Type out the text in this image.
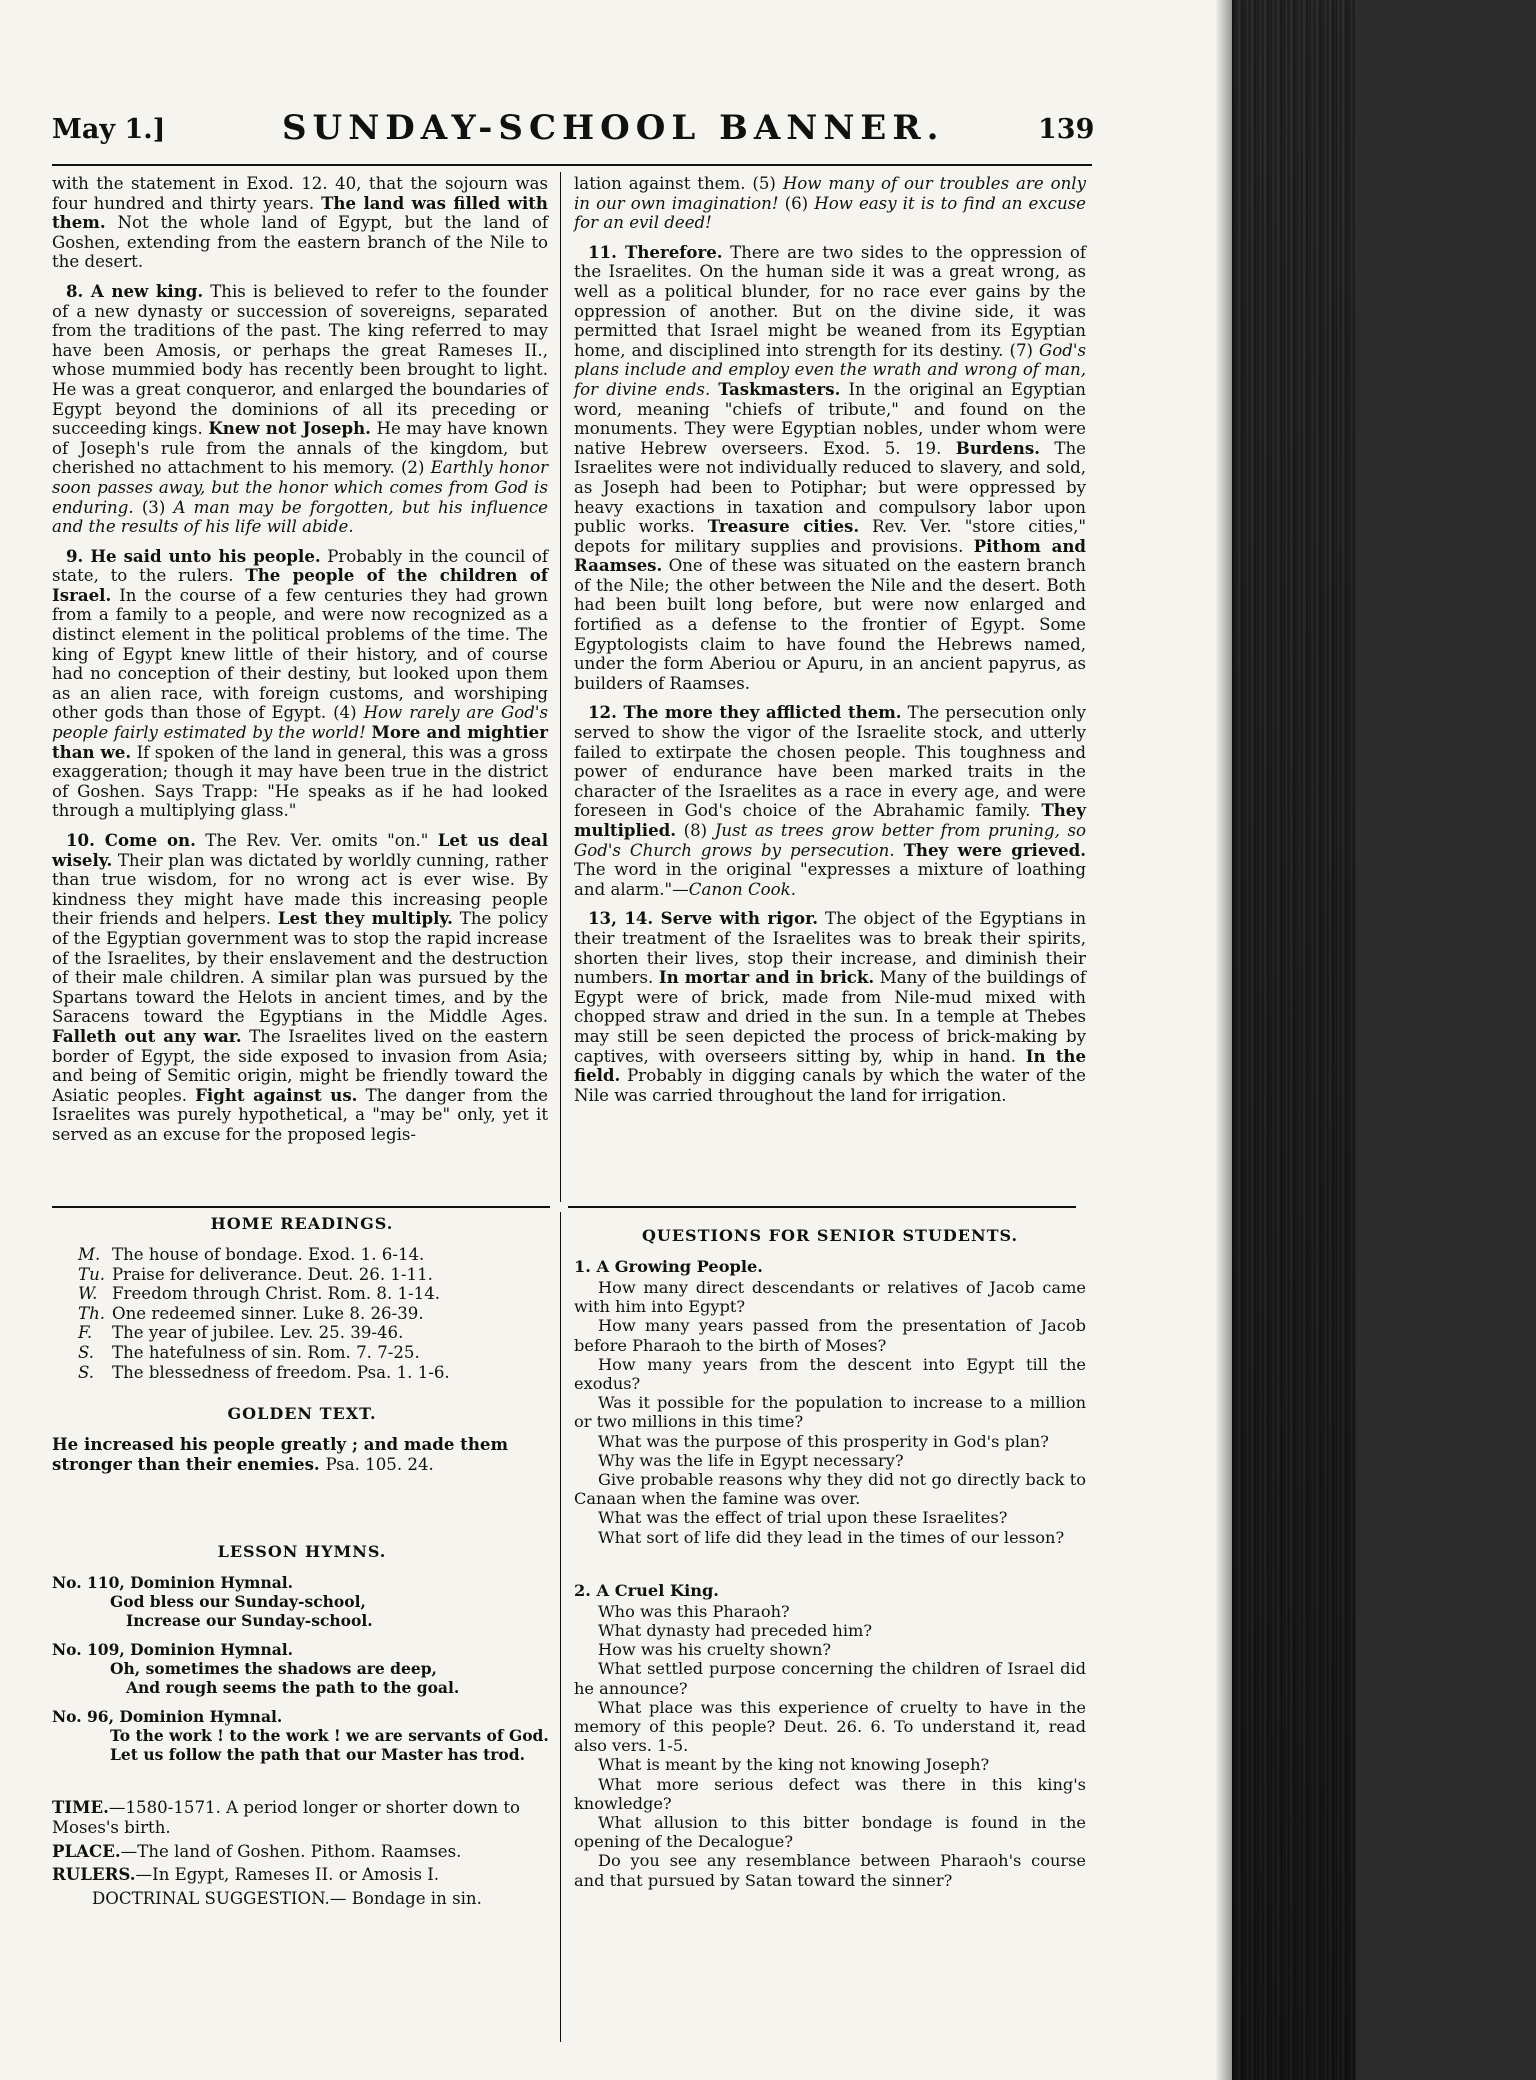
May 1.]	SUNDAY-SCHOOL BANNER.	139

with the statement in Exod. 12. 40, that the sojourn was four hundred and thirty years. The land was filled with them. Not the whole land of Egypt, but the land of Goshen, extending from the eastern branch of the Nile to the desert.

8. A new king. This is believed to refer to the founder of a new dynasty or succession of sovereigns, separated from the traditions of the past. The king referred to may have been Amosis, or perhaps the great Rameses II., whose mummied body has recently been brought to light. He was a great conqueror, and enlarged the boundaries of Egypt beyond the dominions of all its preceding or succeeding kings. Knew not Joseph. He may have known of Joseph's rule from the annals of the kingdom, but cherished no attachment to his memory. (2) Earthly honor soon passes away, but the honor which comes from God is enduring. (3) A man may be forgotten, but his influence and the results of his life will abide.

9. He said unto his people. Probably in the council of state, to the rulers. The people of the children of Israel. In the course of a few centuries they had grown from a family to a people, and were now recognized as a distinct element in the political problems of the time. The king of Egypt knew little of their history, and of course had no conception of their destiny, but looked upon them as an alien race, with foreign customs, and worshiping other gods than those of Egypt. (4) How rarely are God's people fairly estimated by the world! More and mightier than we. If spoken of the land in general, this was a gross exaggeration; though it may have been true in the district of Goshen. Says Trapp: "He speaks as if he had looked through a multiplying glass."

10. Come on. The Rev. Ver. omits "on." Let us deal wisely. Their plan was dictated by worldly cunning, rather than true wisdom, for no wrong act is ever wise. By kindness they might have made this increasing people their friends and helpers. Lest they multiply. The policy of the Egyptian government was to stop the rapid increase of the Israelites, by their enslavement and the destruction of their male children. A similar plan was pursued by the Spartans toward the Helots in ancient times, and by the Saracens toward the Egyptians in the Middle Ages. Falleth out any war. The Israelites lived on the eastern border of Egypt, the side exposed to invasion from Asia; and being of Semitic origin, might be friendly toward the Asiatic peoples. Fight against us. The danger from the Israelites was purely hypothetical, a "may be" only, yet it served as an excuse for the proposed legis-

lation against them. (5) How many of our troubles are only in our own imagination! (6) How easy it is to find an excuse for an evil deed!

11. Therefore. There are two sides to the oppression of the Israelites. On the human side it was a great wrong, as well as a political blunder, for no race ever gains by the oppression of another. But on the divine side, it was permitted that Israel might be weaned from its Egyptian home, and disciplined into strength for its destiny. (7) God's plans include and employ even the wrath and wrong of man, for divine ends. Taskmasters. In the original an Egyptian word, meaning "chiefs of tribute," and found on the monuments. They were Egyptian nobles, under whom were native Hebrew overseers. Exod. 5. 19. Burdens. The Israelites were not individually reduced to slavery, and sold, as Joseph had been to Potiphar; but were oppressed by heavy exactions in taxation and compulsory labor upon public works. Treasure cities. Rev. Ver. "store cities," depots for military supplies and provisions. Pithom and Raamses. One of these was situated on the eastern branch of the Nile; the other between the Nile and the desert. Both had been built long before, but were now enlarged and fortified as a defense to the frontier of Egypt. Some Egyptologists claim to have found the Hebrews named, under the form Aberiou or Apuru, in an ancient papyrus, as builders of Raamses.

12. The more they afflicted them. The persecution only served to show the vigor of the Israelite stock, and utterly failed to extirpate the chosen people. This toughness and power of endurance have been marked traits in the character of the Israelites as a race in every age, and were foreseen in God's choice of the Abrahamic family. They multiplied. (8) Just as trees grow better from pruning, so God's Church grows by persecution. They were grieved. The word in the original "expresses a mixture of loathing and alarm."—Canon Cook.

13, 14. Serve with rigor. The object of the Egyptians in their treatment of the Israelites was to break their spirits, shorten their lives, stop their increase, and diminish their numbers. In mortar and in brick. Many of the buildings of Egypt were of brick, made from Nile-mud mixed with chopped straw and dried in the sun. In a temple at Thebes may still be seen depicted the process of brick-making by captives, with overseers sitting by, whip in hand. In the field. Probably in digging canals by which the water of the Nile was carried throughout the land for irrigation.

HOME READINGS.
M. The house of bondage. Exod. 1. 6-14.
Tu. Praise for deliverance. Deut. 26. 1-11.
W. Freedom through Christ. Rom. 8. 1-14.
Th. One redeemed sinner. Luke 8. 26-39.
F.	The year of jubilee. Lev. 25. 39-46.
S.	The hatefulness of sin. Rom. 7. 7-25.
S.	The blessedness of freedom. Psa. 1. 1-6.
GOLDEN TEXT.
He increased his people greatly ; and made them stronger than their enemies. Psa. 105. 24.
LESSON HYMNS.
No. 110, Dominion Hymnal.
God bless our Sunday-school,
Increase our Sunday-school.
No. 109, Dominion Hymnal.
Oh, sometimes the shadows are deep,
And rough seems the path to the goal.
No. 96, Dominion Hymnal.
To the work ! to the work ! we are servants of God.
Let us follow the path that our Master has trod.

TIME.—1580-1571. A period longer or shorter down to Moses's birth.

PLACE.—The land of Goshen. Pithom. Raamses.

RULERS.—In Egypt, Rameses II. or Amosis I.

DOCTRINAL SUGGESTION.— Bondage in sin.

QUESTIONS FOR SENIOR STUDENTS.
1. A Growing People.

How many direct descendants or relatives of Jacob came with him into Egypt?

How many years passed from the presentation of Jacob before Pharaoh to the birth of Moses?

How many years from the descent into Egypt till the exodus?

Was it possible for the population to increase to a million or two millions in this time?

What was the purpose of this prosperity in God's plan?

Why was the life in Egypt necessary?

Give probable reasons why they did not go directly back to Canaan when the famine was over.

What was the effect of trial upon these Israelites?

What sort of life did they lead in the times of our lesson?

2. A Cruel King.

Who was this Pharaoh?

What dynasty had preceded him?

How was his cruelty shown?

What settled purpose concerning the children of Israel did he announce?

What place was this experience of cruelty to have in the memory of this people? Deut. 26. 6. To understand it, read also vers. 1-5.

What is meant by the king not knowing Joseph?

What more serious defect was there in this king's knowledge?

What allusion to this bitter bondage is found in the opening of the Decalogue?

Do you see any resemblance between Pharaoh's course and that pursued by Satan toward the sinner?
